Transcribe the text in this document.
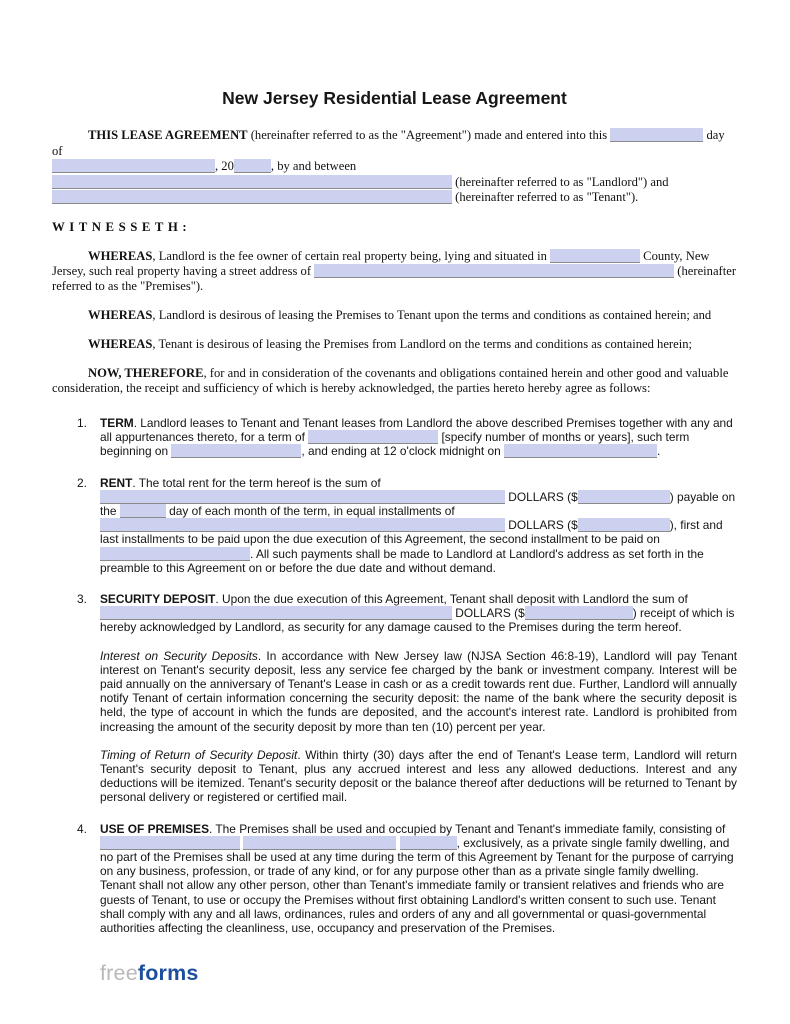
New Jersey Residential Lease Agreement

THIS LEASE AGREEMENT (hereinafter referred to as the "Agreement") made and entered into this	day of
, 20	, by and between
(hereinafter referred to as "Landlord") and
(hereinafter referred to as "Tenant").

WITNESSETH:

WHEREAS, Landlord is the fee owner of certain real property being, lying and situated in	County, New Jersey, such real property having a street address of	(hereinafter referred to as the "Premises").

WHEREAS, Landlord is desirous of leasing the Premises to Tenant upon the terms and conditions as contained herein; and

WHEREAS, Tenant is desirous of leasing the Premises from Landlord on the terms and conditions as contained herein;

NOW, THEREFORE, for and in consideration of the covenants and obligations contained herein and other good and valuable consideration, the receipt and sufficiency of which is hereby acknowledged, the parties hereto hereby agree as follows:

1. TERM. Landlord leases to Tenant and Tenant leases from Landlord the above described Premises together with any and all appurtenances thereto, for a term of	[specify number of months or years], such term beginning on	, and ending at 12 o'clock midnight on	.
2. RENT. The total rent for the term hereof is the sum of  DOLLARS ($	) payable on the	day of each month of the term, in equal installments of  DOLLARS ($	), first and last installments to be paid upon the due execution of this Agreement, the second installment to be paid on . All such payments shall be made to Landlord at Landlord's address as set forth in the preamble to this Agreement on or before the due date and without demand.
3. SECURITY DEPOSIT. Upon the due execution of this Agreement, Tenant shall deposit with Landlord the sum of  DOLLARS ($	) receipt of which is hereby acknowledged by Landlord, as security for any damage caused to the Premises during the term hereof.

Interest on Security Deposits. In accordance with New Jersey law (NJSA Section 46:8-19), Landlord will pay Tenant interest on Tenant's security deposit, less any service fee charged by the bank or investment company. Interest will be paid annually on the anniversary of Tenant's Lease in cash or as a credit towards rent due. Further, Landlord will annually notify Tenant of certain information concerning the security deposit: the name of the bank where the security deposit is held, the type of account in which the funds are deposited, and the account's interest rate. Landlord is prohibited from increasing the amount of the security deposit by more than ten (10) percent per year.

Timing of Return of Security Deposit. Within thirty (30) days after the end of Tenant's Lease term, Landlord will return Tenant's security deposit to Tenant, plus any accrued interest and less any allowed deductions. Interest and any deductions will be itemized. Tenant's security deposit or the balance thereof after deductions will be returned to Tenant by personal delivery or registered or certified mail.

4. USE OF PREMISES. The Premises shall be used and occupied by Tenant and Tenant's immediate family, consisting of   , exclusively, as a private single family dwelling, and no part of the Premises shall be used at any time during the term of this Agreement by Tenant for the purpose of carrying on any business, profession, or trade of any kind, or for any purpose other than as a private single family dwelling. Tenant shall not allow any other person, other than Tenant's immediate family or transient relatives and friends who are guests of Tenant, to use or occupy the Premises without first obtaining Landlord's written consent to such use. Tenant shall comply with any and all laws, ordinances, rules and orders of any and all governmental or quasi-governmental authorities affecting the cleanliness, use, occupancy and preservation of the Premises.
freeforms
